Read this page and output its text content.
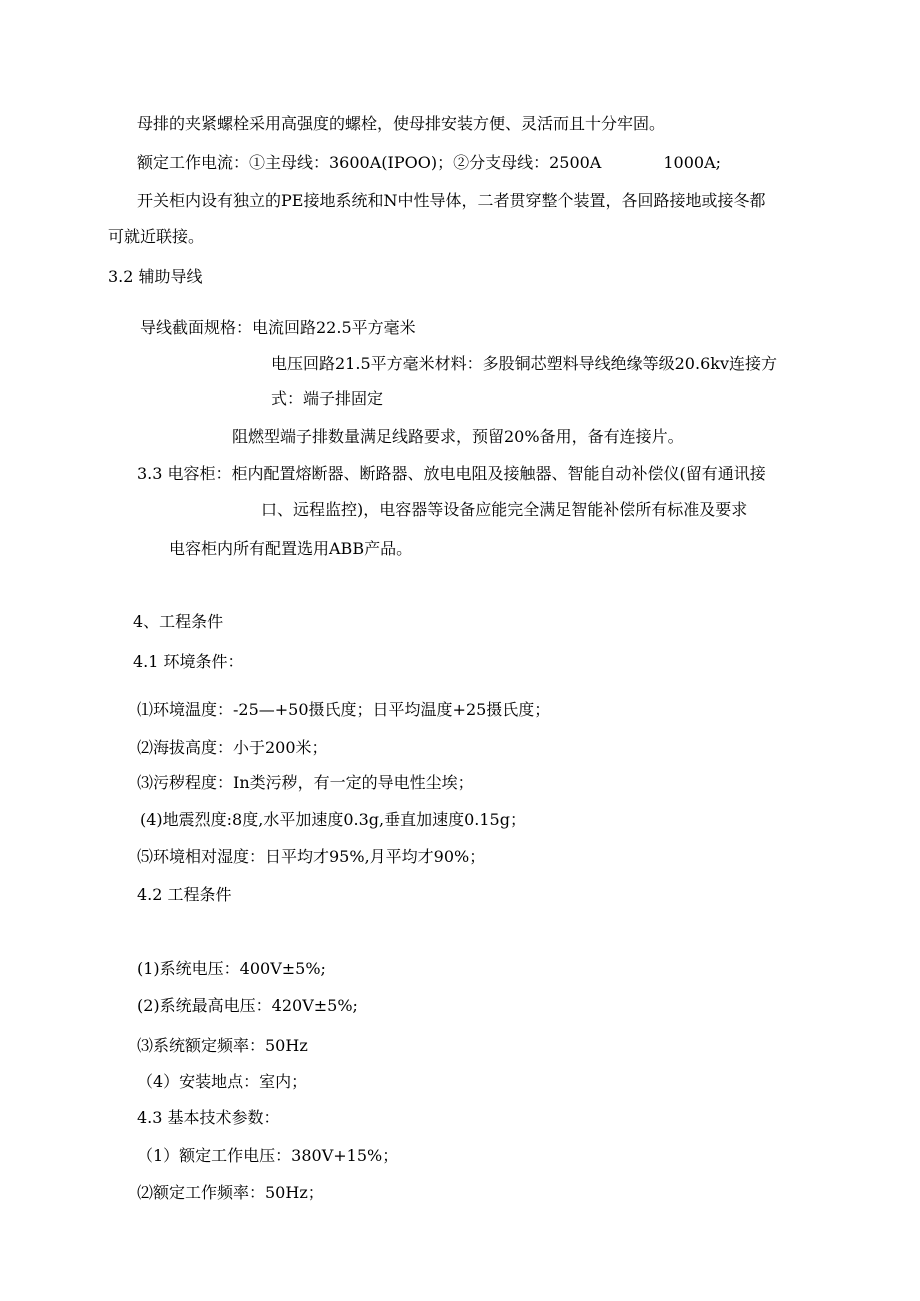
母排的夹紧螺栓采用高强度的螺栓，使母排安装方便、灵活而且十分牢固。
额定工作电流：①主母线：3600A(IPOO)；②分支母线：2500A	1000A;
开关柜内设有独立的PE接地系统和N中性导体，二者贯穿整个装置，各回路接地或接冬都
可就近联接。
3.2 辅助导线
导线截面规格：电流回路22.5平方毫米
电压回路21.5平方毫米材料：多股铜芯塑料导线绝缘等级20.6kv连接方
式：端子排固定
阻燃型端子排数量满足线路要求，预留20%备用，备有连接片。
3.3 电容柜：柜内配置熔断器、断路器、放电电阻及接触器、智能自动补偿仪(留有通讯接
口、远程监控)，电容器等设备应能完全满足智能补偿所有标准及要求
电容柜内所有配置选用ABB产品。
4、工程条件
4.1 环境条件：
⑴环境温度：-25—+50摄氏度；日平均温度+25摄氏度；
⑵海拔高度：小于200米；
⑶污秽程度：In类污秽，有一定的导电性尘埃；
(4)地震烈度:8度,水平加速度0.3g,垂直加速度0.15g；
⑸环境相对湿度：日平均才95%,月平均才90%；
4.2 工程条件
(1)系统电压：400V±5%;
(2)系统最高电压：420V±5%;
⑶系统额定频率：50Hz
（4）安装地点：室内；
4.3 基本技术参数：
（1）额定工作电压：380V+15%；
⑵额定工作频率：50Hz；
